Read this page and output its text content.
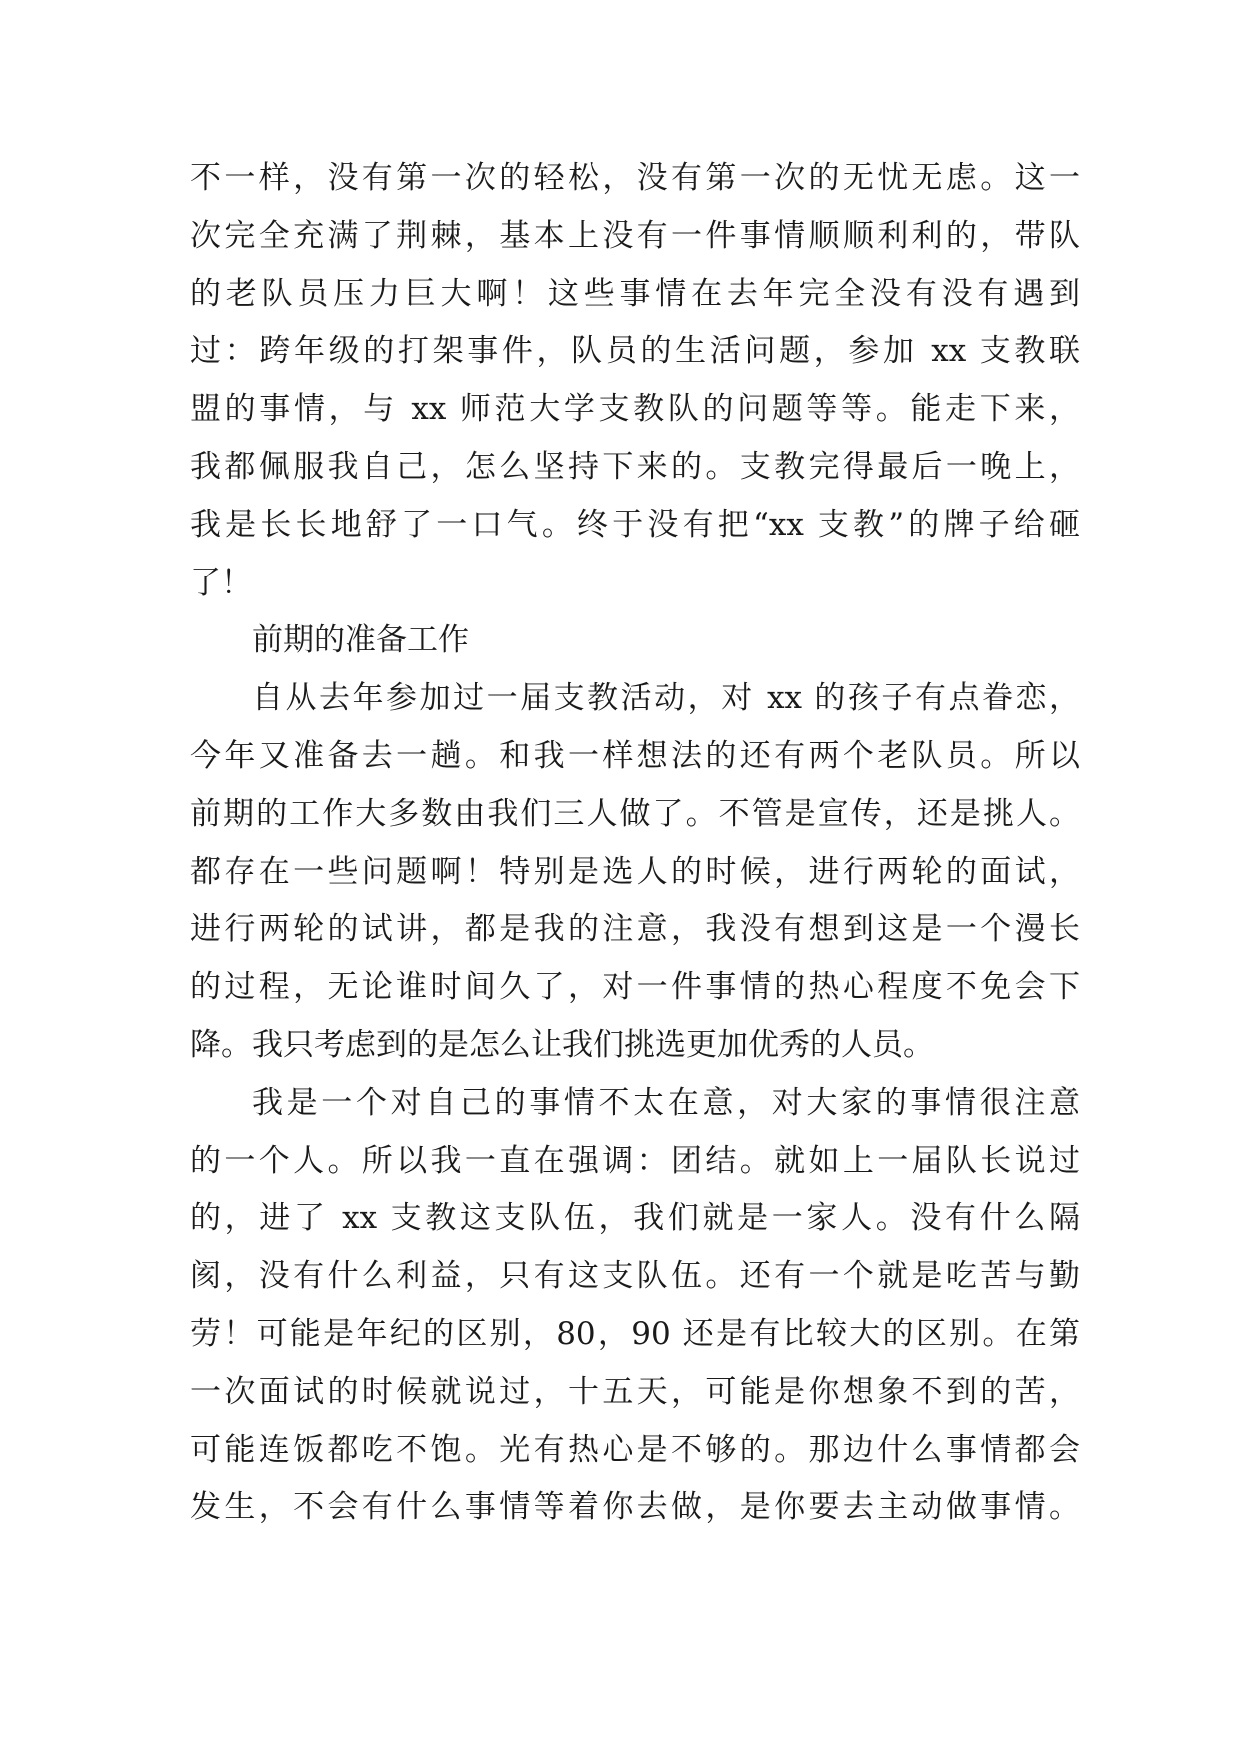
不一样，没有第一次的轻松，没有第一次的无忧无虑。这一
次完全充满了荆棘，基本上没有一件事情顺顺利利的，带队
的老队员压力巨大啊！这些事情在去年完全没有没有遇到
过：跨年级的打架事件，队员的生活问题，参加 xx 支教联
盟的事情，与 xx 师范大学支教队的问题等等。能走下来，
我都佩服我自己，怎么坚持下来的。支教完得最后一晚上，
我是长长地舒了一口气。终于没有把“xx 支教”的牌子给砸
了！
前期的准备工作
自从去年参加过一届支教活动，对 xx 的孩子有点眷恋，
今年又准备去一趟。和我一样想法的还有两个老队员。所以
前期的工作大多数由我们三人做了。不管是宣传，还是挑人。
都存在一些问题啊！特别是选人的时候，进行两轮的面试，
进行两轮的试讲，都是我的注意，我没有想到这是一个漫长
的过程，无论谁时间久了，对一件事情的热心程度不免会下
降。我只考虑到的是怎么让我们挑选更加优秀的人员。
我是一个对自己的事情不太在意，对大家的事情很注意
的一个人。所以我一直在强调：团结。就如上一届队长说过
的，进了 xx 支教这支队伍，我们就是一家人。没有什么隔
阂，没有什么利益，只有这支队伍。还有一个就是吃苦与勤
劳！可能是年纪的区别，80，90 还是有比较大的区别。在第
一次面试的时候就说过，十五天，可能是你想象不到的苦，
可能连饭都吃不饱。光有热心是不够的。那边什么事情都会
发生，不会有什么事情等着你去做，是你要去主动做事情。
